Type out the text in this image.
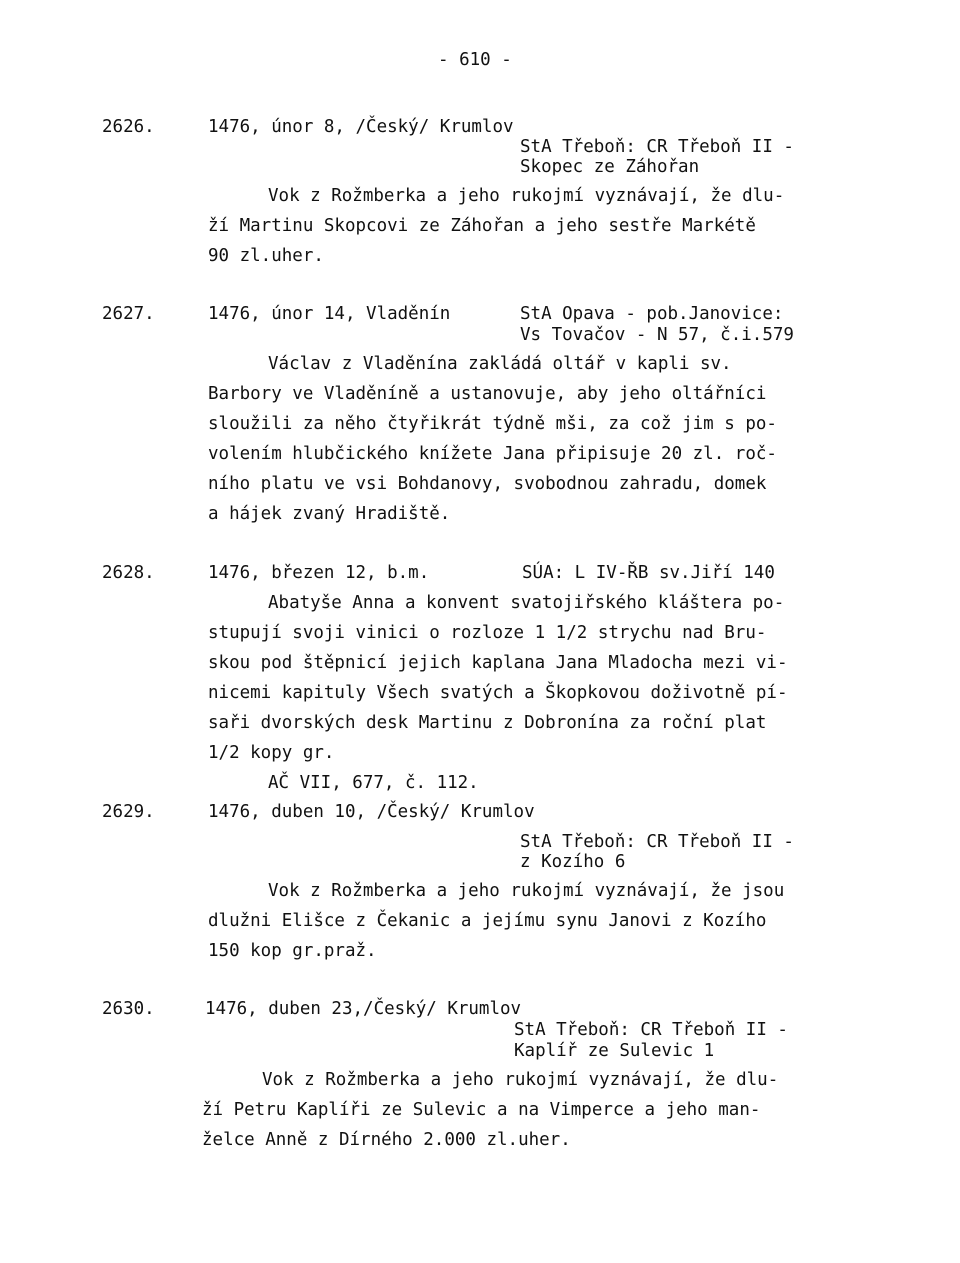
- 610 -
2626.	1476, únor 8, /Český/ Krumlov
StA Třeboň: CR Třeboň II -
Skopec ze Záhořan
Vok z Rožmberka a jeho rukojmí vyznávají, že dlu-
ží Martinu Skopcovi ze Záhořan a jeho sestře Markétě
90 zl.uher.
2627.	1476, únor 14, Vladěnín	StA Opava - pob.Janovice:
Vs Tovačov - N 57, č.i.579
Václav z Vladěnína zakládá oltář v kapli sv.
Barbory ve Vladěníně a ustanovuje, aby jeho oltářníci
sloužili za něho čtyřikrát týdně mši, za což jim s po-
volením hlubčického knížete Jana připisuje 20 zl. roč-
ního platu ve vsi Bohdanovy, svobodnou zahradu, domek
a hájek zvaný Hradiště.
2628.	1476, březen 12, b.m.	SÚA: L IV-ŘB sv.Jiří 140
Abatyše Anna a konvent svatojiřského kláštera po-
stupují svoji vinici o rozloze 1 1/2 strychu nad Bru-
skou pod štěpnicí jejich kaplana Jana Mladocha mezi vi-
nicemi kapituly Všech svatých a Škopkovou doživotně pí-
saři dvorských desk Martinu z Dobronína za roční plat
1/2 kopy gr.
AČ VII, 677, č. 112.
2629.	1476, duben 10, /Český/ Krumlov
StA Třeboň: CR Třeboň II -
z Kozího 6
Vok z Rožmberka a jeho rukojmí vyznávají, že jsou
dlužni Elišce z Čekanic a jejímu synu Janovi z Kozího
150 kop gr.praž.
2630.	1476, duben 23,/Český/ Krumlov
StA Třeboň: CR Třeboň II -
Kaplíř ze Sulevic 1
Vok z Rožmberka a jeho rukojmí vyznávají, že dlu-
ží Petru Kaplíři ze Sulevic a na Vimperce a jeho man-
želce Anně z Dírného 2.000 zl.uher.
